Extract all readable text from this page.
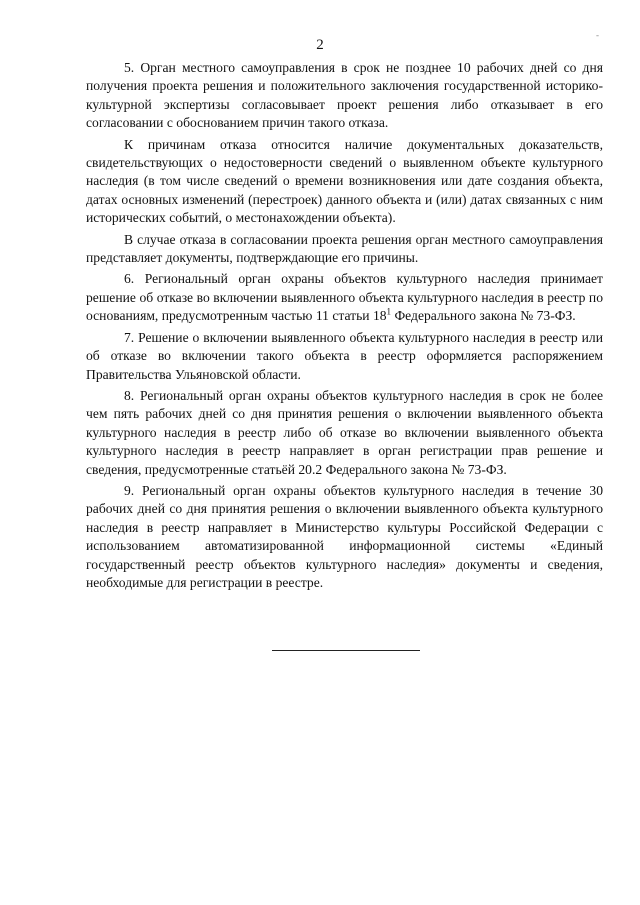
2
-

5. Орган местного самоуправления в срок не позднее 10 рабочих дней со дня получения проекта решения и положительного заключения государственной историко-культурной экспертизы согласовывает проект решения либо отказывает в его согласовании с обоснованием причин такого отказа.

К причинам отказа относится наличие документальных доказательств, свидетельствующих о недостоверности сведений о выявленном объекте культурного наследия (в том числе сведений о времени возникновения или дате создания объекта, датах основных изменений (перестроек) данного объекта и (или) датах связанных с ним исторических событий, о местонахождении объекта).

В случае отказа в согласовании проекта решения орган местного самоуправления представляет документы, подтверждающие его причины.

6. Региональный орган охраны объектов культурного наследия принимает решение об отказе во включении выявленного объекта культурного наследия в реестр по основаниям, предусмотренным частью 11 статьи $18^1$ Федерального закона № 73-ФЗ.

7. Решение о включении выявленного объекта культурного наследия в реестр или об отказе во включении такого объекта в реестр оформляется распоряжением Правительства Ульяновской области.

8. Региональный орган охраны объектов культурного наследия в срок не более чем пять рабочих дней со дня принятия решения о включении выявленного объекта культурного наследия в реестр либо об отказе во включении выявленного объекта культурного наследия в реестр направляет в орган регистрации прав решение и сведения, предусмотренные статьёй 20.2 Федерального закона № 73-ФЗ.

9. Региональный орган охраны объектов культурного наследия в течение 30 рабочих дней со дня принятия решения о включении выявленного объекта культурного наследия в реестр направляет в Министерство культуры Российской Федерации с использованием автоматизированной информационной системы «Единый государственный реестр объектов культурного наследия» документы и сведения, необходимые для регистрации в реестре.
